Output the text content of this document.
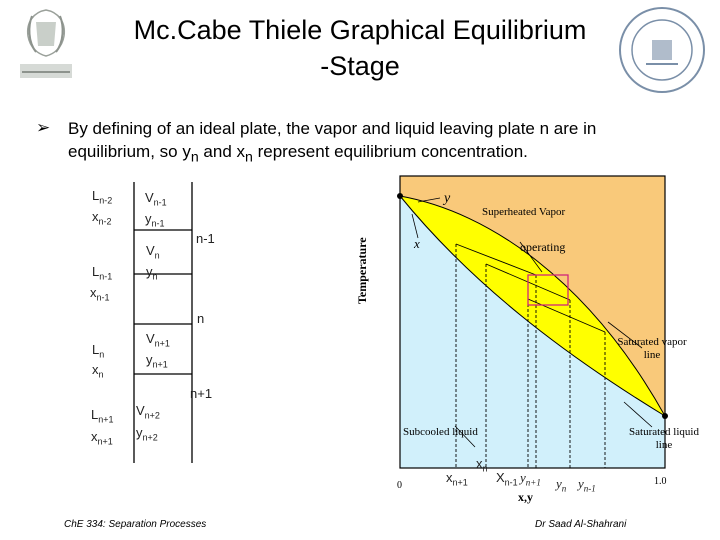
Mc.Cabe Thiele Graphical Equilibrium
-Stage
➢ By defining of an ideal plate, the vapor and liquid leaving plate n are in
equilibrium, so $y_n$ and $x_n$ represent equilibrium concentration.
$L_{n-2}$
$x_{n-2}$
$V_{n-1}$
$y_{n-1}$
n-1
$V_n$
$y_n$
$L_{n-1}$
$x_{n-1}$
n
$L_n$
$x_n$
$V_{n+1}$
$y_{n+1}$
n+1
$L_{n+1}$
$x_{n+1}$
$V_{n+2}$
$y_{n+2}$
Temperature
y
x
Superheated Vapor
operating
Saturated vapor line
Saturated liquid line
Subcooled liquid
0	1.0
x,y
$x_n$
$x_{n+1}$ $X_{n-1}$ $y_{n+1}$ $y_n$ $y_{n-1}$
ChE 334: Separation Processes	Dr Saad Al-Shahrani
